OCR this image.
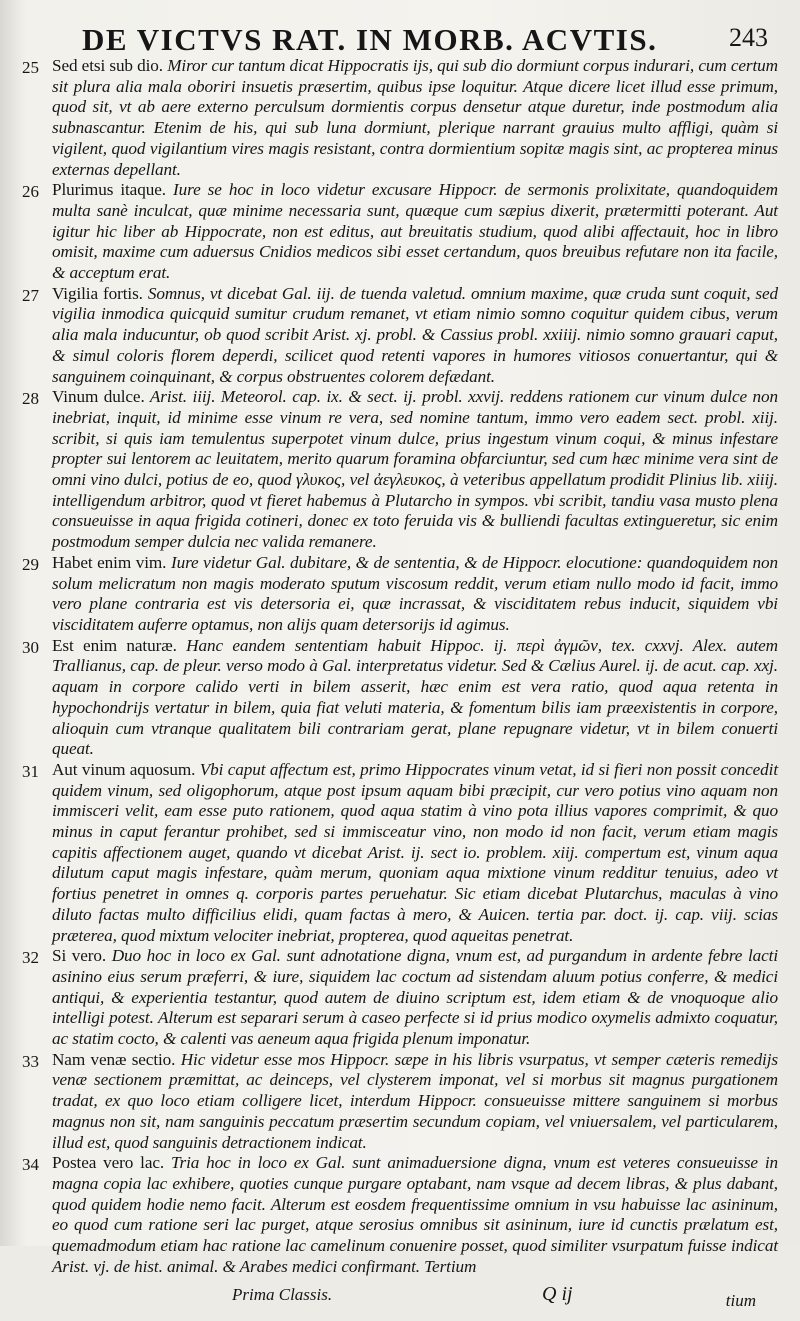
DE VICTVS RAT. IN MORB. ACVTIS.	243
25 Sed etsi sub dio. Miror cur tantum dicat Hippocratis ijs, qui sub dio dormiunt corpus indurari, cum certum sit plura alia mala oboriri insuetis præsertim, quibus ipse loquitur. Atque dicere licet illud esse primum, quod sit, vt ab aere externo perculsum dormientis corpus densetur atque duretur, inde postmodum alia subnascantur. Etenim de his, qui sub luna dormiunt, plerique narrant grauius multo affligi, quàm si vigilent, quod vigilantium vires magis resistant, contra dormientium sopitæ magis sint, ac propterea minus externas depellant.

26 Plurimus itaque. Iure se hoc in loco videtur excusare Hippocr. de sermonis prolixitate, quandoquidem multa sanè inculcat, quæ minime necessaria sunt, quæque cum sæpius dixerit, prætermitti poterant. Aut igitur hic liber ab Hippocrate, non est editus, aut breuitatis studium, quod alibi affectauit, hoc in libro omisit, maxime cum aduersus Cnidios medicos sibi esset certandum, quos breuibus refutare non ita facile, & acceptum erat.

27 Vigilia fortis. Somnus, vt dicebat Gal. iij. de tuenda valetud. omnium maxime, quæ cruda sunt coquit, sed vigilia inmodica quicquid sumitur crudum remanet, vt etiam nimio somno coquitur quidem cibus, verum alia mala inducuntur, ob quod scribit Arist. xj. probl. & Cassius probl. xxiiij. nimio somno grauari caput, & simul coloris florem deperdi, scilicet quod retenti vapores in humores vitiosos conuertantur, qui & sanguinem coinquinant, & corpus obstruentes colorem defædant.

28 Vinum dulce. Arist. iiij. Meteorol. cap. ix. & sect. ij. probl. xxvij. reddens rationem cur vinum dulce non inebriat, inquit, id minime esse vinum re vera, sed nomine tantum, immo vero eadem sect. probl. xiij. scribit, si quis iam temulentus superpotet vinum dulce, prius ingestum vinum coqui, & minus infestare propter sui lentorem ac leuitatem, merito quarum foramina obfarciuntur, sed cum hæc minime vera sint de omni vino dulci, potius de eo, quod γλυκος, vel ἀεγλευκος, à veteribus appellatum prodidit Plinius lib. xiiij. intelligendum arbitror, quod vt fieret habemus à Plutarcho in sympos. vbi scribit, tandiu vasa musto plena consueuisse in aqua frigida cotineri, donec ex toto feruida vis & bulliendi facultas extingueretur, sic enim postmodum semper dulcia nec valida remanere.

29 Habet enim vim. Iure videtur Gal. dubitare, & de sententia, & de Hippocr. elocutione: quandoquidem non solum melicratum non magis moderato sputum viscosum reddit, verum etiam nullo modo id facit, immo vero plane contraria est vis detersoria ei, quæ incrassat, & visciditatem rebus inducit, siquidem vbi visciditatem auferre optamus, non alijs quam detersorijs id agimus.

30 Est enim naturæ. Hanc eandem sententiam habuit Hippoc. ij. περὶ ἀγμῶν, tex. cxxvj. Alex. autem Trallianus, cap. de pleur. verso modo à Gal. interpretatus videtur. Sed & Cælius Aurel. ij. de acut. cap. xxj. aquam in corpore calido verti in bilem asserit, hæc enim est vera ratio, quod aqua retenta in hypochondrijs vertatur in bilem, quia fiat veluti materia, & fomentum bilis iam præexistentis in corpore, alioquin cum vtranque qualitatem bili contrariam gerat, plane repugnare videtur, vt in bilem conuerti queat.

31 Aut vinum aquosum. Vbi caput affectum est, primo Hippocrates vinum vetat, id si fieri non possit concedit quidem vinum, sed oligophorum, atque post ipsum aquam bibi præcipit, cur vero potius vino aquam non immisceri velit, eam esse puto rationem, quod aqua statim à vino pota illius vapores comprimit, & quo minus in caput ferantur prohibet, sed si immisceatur vino, non modo id non facit, verum etiam magis capitis affectionem auget, quando vt dicebat Arist. ij. sect io. problem. xiij. compertum est, vinum aqua dilutum caput magis infestare, quàm merum, quoniam aqua mixtione vinum redditur tenuius, adeo vt fortius penetret in omnes q. corporis partes peruehatur. Sic etiam dicebat Plutarchus, maculas à vino diluto factas multo difficilius elidi, quam factas à mero, & Auicen. tertia par. doct. ij. cap. viij. scias præterea, quod mixtum velociter inebriat, propterea, quod aqueitas penetrat.

32 Si vero. Duo hoc in loco ex Gal. sunt adnotatione digna, vnum est, ad purgandum in ardente febre lacti asinino eius serum præferri, & iure, siquidem lac coctum ad sistendam aluum potius conferre, & medici antiqui, & experientia testantur, quod autem de diuino scriptum est, idem etiam & de vnoquoque alio intelligi potest. Alterum est separari serum à caseo perfecte si id prius modico oxymelis admixto coquatur, ac statim cocto, & calenti vas aeneum aqua frigida plenum imponatur.

33 Nam venæ sectio. Hic videtur esse mos Hippocr. sæpe in his libris vsurpatus, vt semper cæteris remedijs venæ sectionem præmittat, ac deinceps, vel clysterem imponat, vel si morbus sit magnus purgationem tradat, ex quo loco etiam colligere licet, interdum Hippocr. consueuisse mittere sanguinem si morbus magnus non sit, nam sanguinis peccatum præsertim secundum copiam, vel vniuersalem, vel particularem, illud est, quod sanguinis detractionem indicat.

34 Postea vero lac. Tria hoc in loco ex Gal. sunt animaduersione digna, vnum est veteres consueuisse in magna copia lac exhibere, quoties cunque purgare optabant, nam vsque ad decem libras, & plus dabant, quod quidem hodie nemo facit. Alterum est eosdem frequentissime omnium in vsu habuisse lac asininum, eo quod cum ratione seri lac purget, atque serosius omnibus sit asininum, iure id cunctis prælatum est, quemadmodum etiam hac ratione lac camelinum conuenire posset, quod similiter vsurpatum fuisse indicat Arist. vj. de hist. animal. & Arabes medici confirmant. Tertium

Prima Classis.	Q ij	tium
